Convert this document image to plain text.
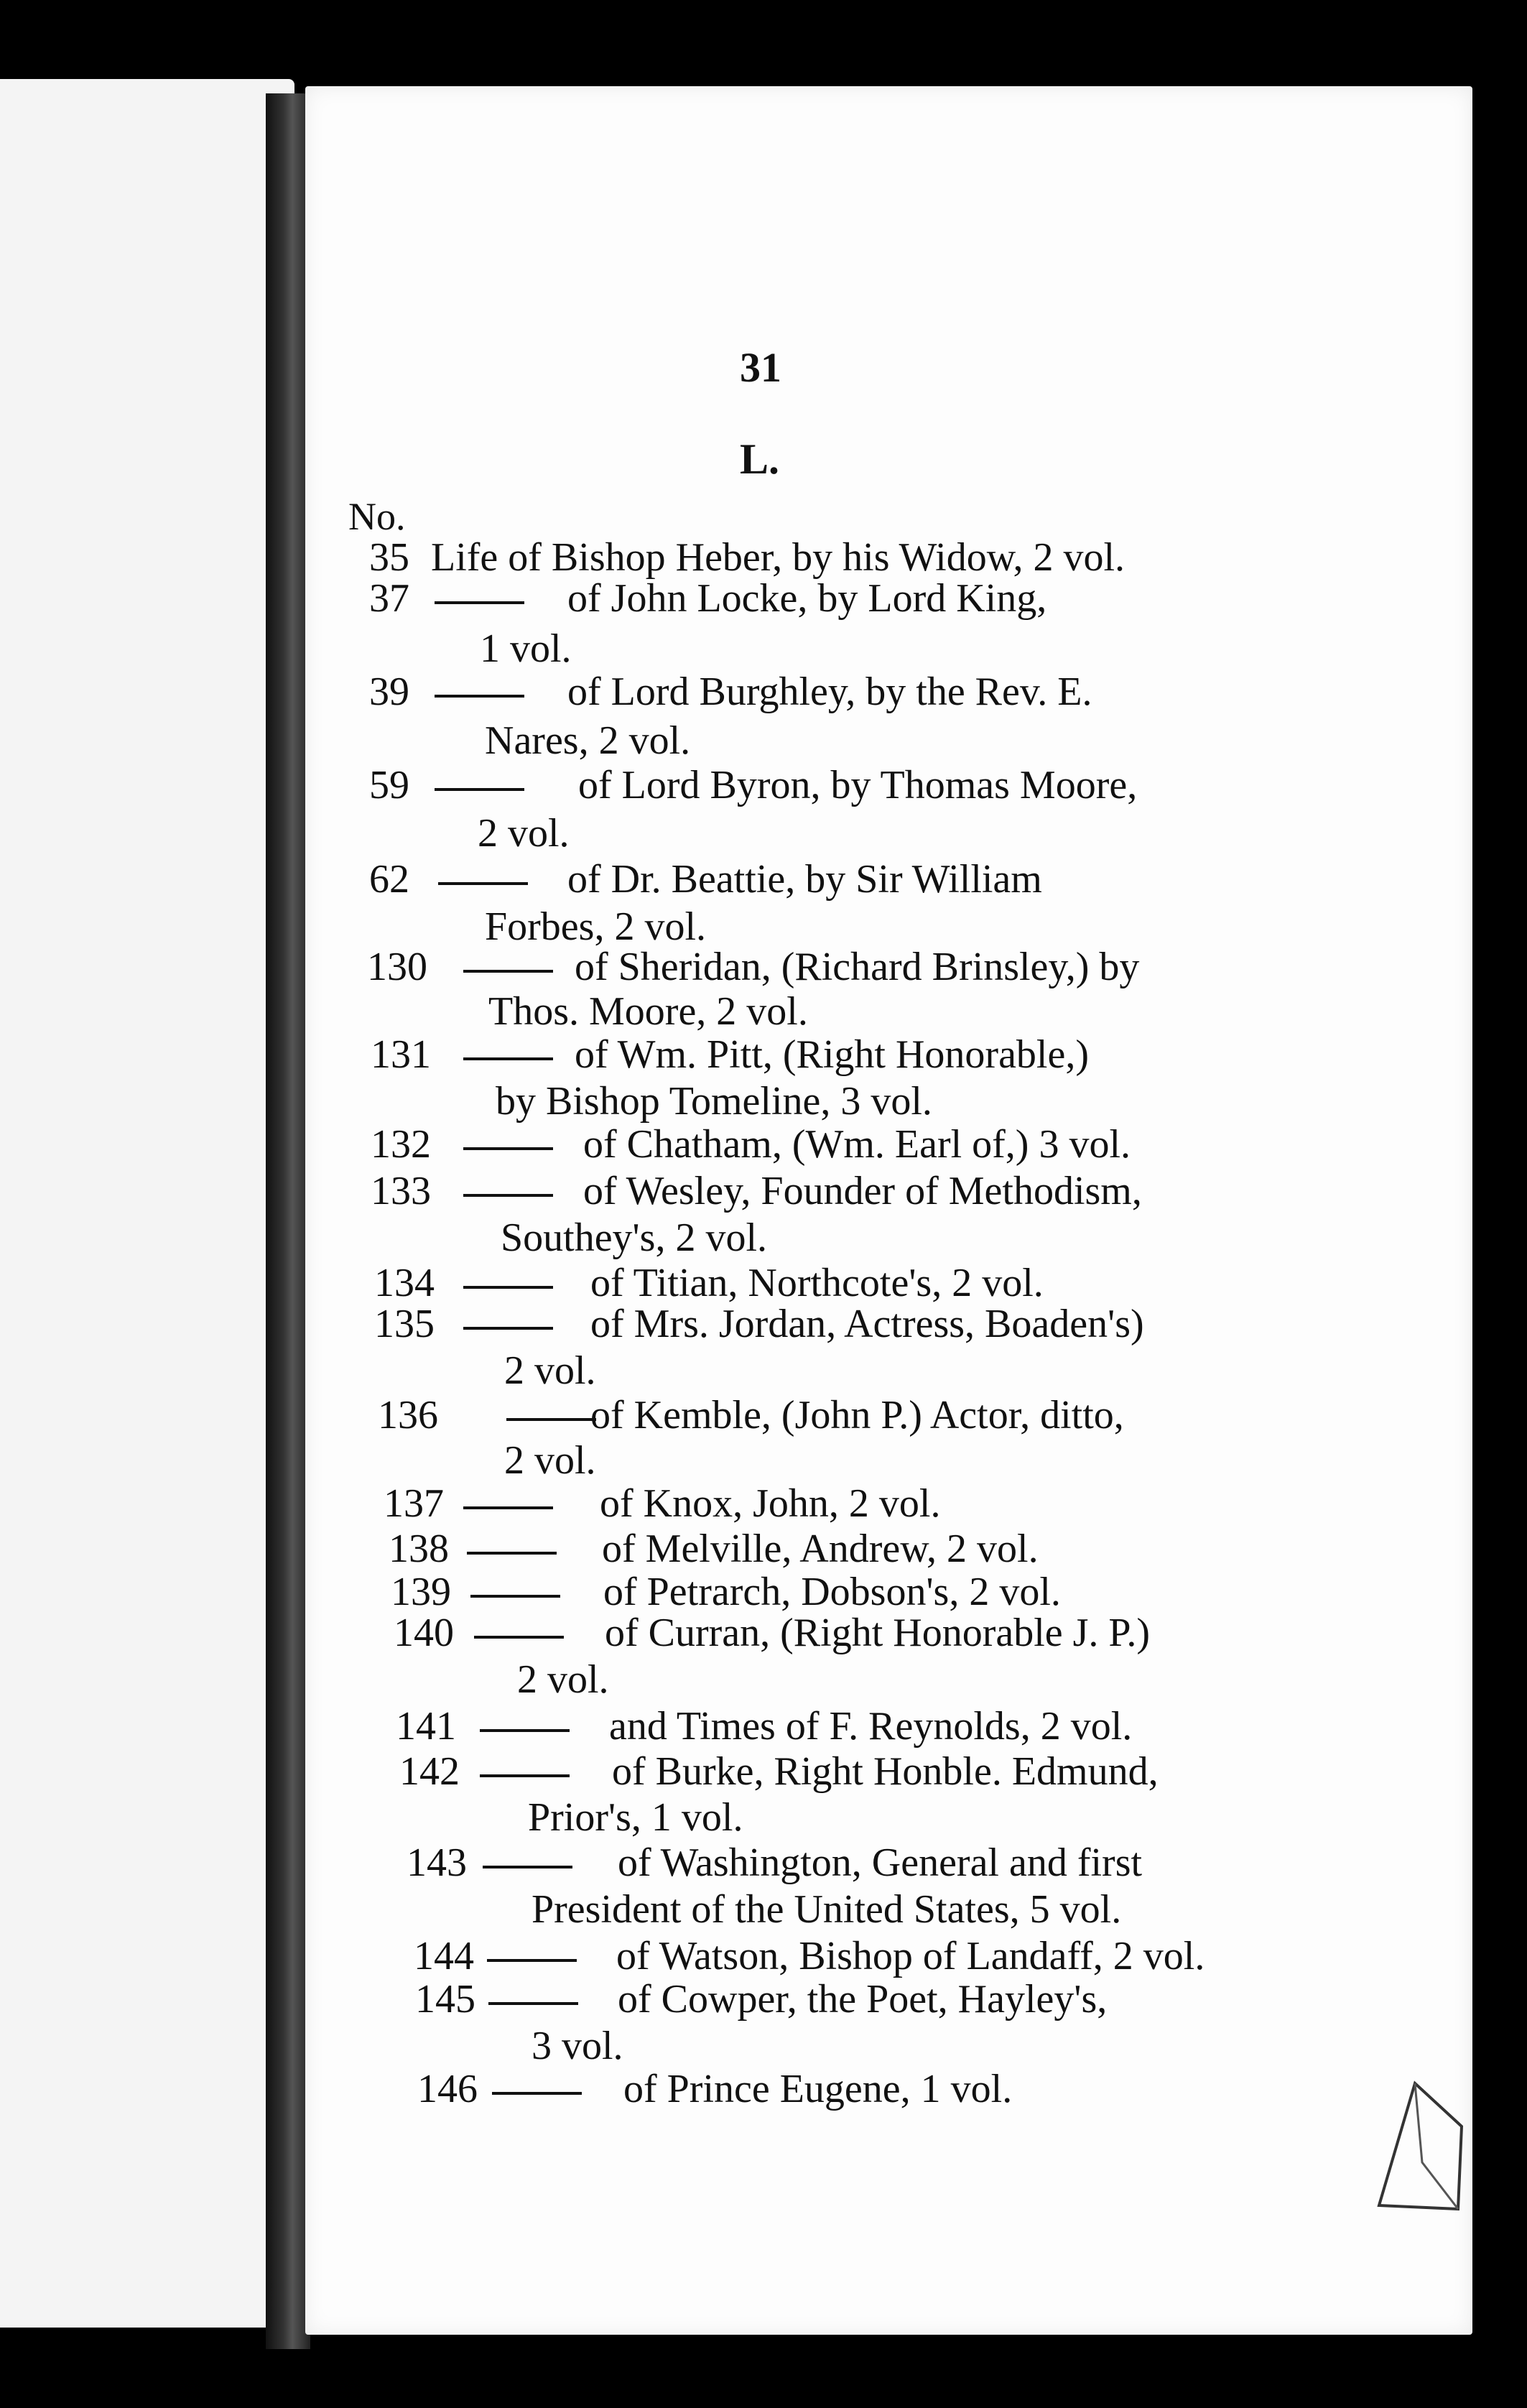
31
L.
No.
35 Life of Bishop Heber, by his Widow, 2 vol.
37	of John Locke, by Lord King,
1 vol.
39	of Lord Burghley, by the Rev. E.
Nares, 2 vol.
59	of Lord Byron, by Thomas Moore,
2 vol.
62	of Dr. Beattie, by Sir William
Forbes, 2 vol.
130	of Sheridan, (Richard Brinsley,) by
Thos. Moore, 2 vol.
131	of Wm. Pitt, (Right Honorable,)
by Bishop Tomeline, 3 vol.
132	of Chatham, (Wm. Earl of,) 3 vol.
133	of Wesley, Founder of Methodism,
Southey's, 2 vol.
134	of Titian, Northcote's, 2 vol.
135	of Mrs. Jordan, Actress, Boaden's)
2 vol.
136	of Kemble, (John P.) Actor, ditto,
2 vol.
137	of Knox, John, 2 vol.
138	of Melville, Andrew, 2 vol.
139	of Petrarch, Dobson's, 2 vol.
140	of Curran, (Right Honorable J. P.)
2 vol.
141	and Times of F. Reynolds, 2 vol.
142	of Burke, Right Honble. Edmund,
Prior's, 1 vol.
143	of Washington, General and first
President of the United States, 5 vol.
144	of Watson, Bishop of Landaff, 2 vol.
145	of Cowper, the Poet, Hayley's,
3 vol.
146	of Prince Eugene, 1 vol.
